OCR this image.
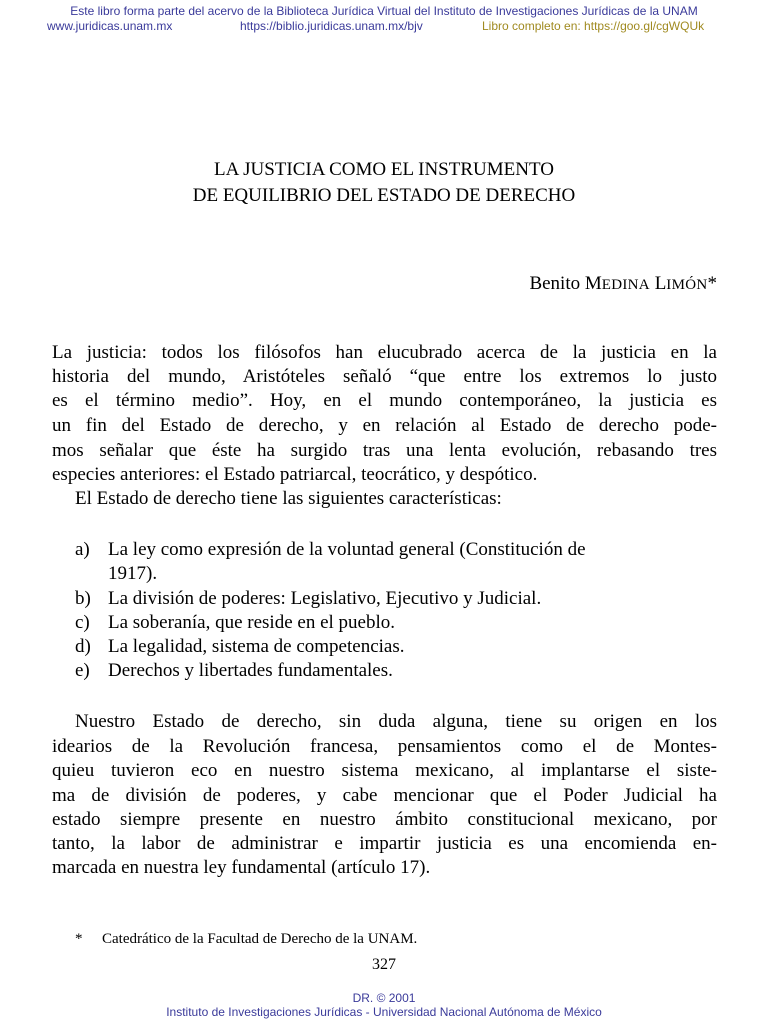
Este libro forma parte del acervo de la Biblioteca Jurídica Virtual del Instituto de Investigaciones Jurídicas de la UNAM
www.juridicas.unam.mx	https://biblio.juridicas.unam.mx/bjv	Libro completo en: https://goo.gl/cgWQUk
LA JUSTICIA COMO EL INSTRUMENTO
DE EQUILIBRIO DEL ESTADO DE DERECHO
Benito MEDINA LIMÓN*
La justicia: todos los filósofos han elucubrado acerca de la justicia en la
historia del mundo, Aristóteles señaló “que entre los extremos lo justo
es el término medio”. Hoy, en el mundo contemporáneo, la justicia es
un fin del Estado de derecho, y en relación al Estado de derecho pode-
mos señalar que éste ha surgido tras una lenta evolución, rebasando tres
especies anteriores: el Estado patriarcal, teocrático, y despótico.
El Estado de derecho tiene las siguientes características:
a) La ley como expresión de la voluntad general (Constitución de
1917).
b) La división de poderes: Legislativo, Ejecutivo y Judicial.
c) La soberanía, que reside en el pueblo.
d) La legalidad, sistema de competencias.
e) Derechos y libertades fundamentales.
Nuestro Estado de derecho, sin duda alguna, tiene su origen en los
idearios de la Revolución francesa, pensamientos como el de Montes-
quieu tuvieron eco en nuestro sistema mexicano, al implantarse el siste-
ma de división de poderes, y cabe mencionar que el Poder Judicial ha
estado siempre presente en nuestro ámbito constitucional mexicano, por
tanto, la labor de administrar e impartir justicia es una encomienda en-
marcada en nuestra ley fundamental (artículo 17).
* Catedrático de la Facultad de Derecho de la UNAM.
327
DR. © 2001
Instituto de Investigaciones Jurídicas - Universidad Nacional Autónoma de México
